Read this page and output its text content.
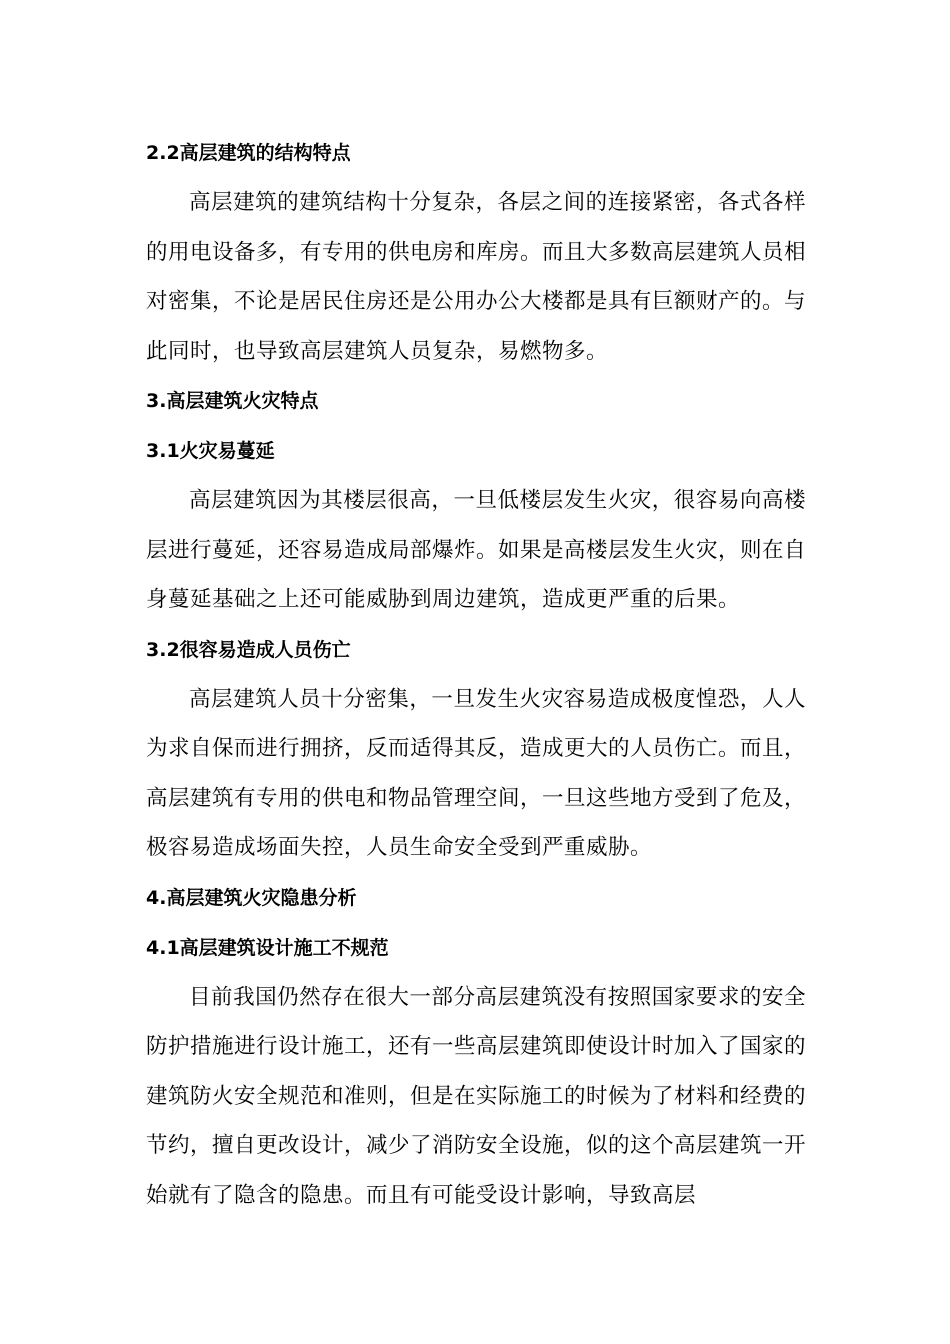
2.2高层建筑的结构特点

高层建筑的建筑结构十分复杂，各层之间的连接紧密，各式各样的用电设备多，有专用的供电房和库房。而且大多数高层建筑人员相对密集，不论是居民住房还是公用办公大楼都是具有巨额财产的。与此同时，也导致高层建筑人员复杂，易燃物多。

3.高层建筑火灾特点
3.1火灾易蔓延

高层建筑因为其楼层很高，一旦低楼层发生火灾，很容易向高楼层进行蔓延，还容易造成局部爆炸。如果是高楼层发生火灾，则在自身蔓延基础之上还可能威胁到周边建筑，造成更严重的后果。

3.2很容易造成人员伤亡

高层建筑人员十分密集，一旦发生火灾容易造成极度惶恐，人人为求自保而进行拥挤，反而适得其反，造成更大的人员伤亡。而且，高层建筑有专用的供电和物品管理空间，一旦这些地方受到了危及，极容易造成场面失控，人员生命安全受到严重威胁。

4.高层建筑火灾隐患分析
4.1高层建筑设计施工不规范

目前我国仍然存在很大一部分高层建筑没有按照国家要求的安全防护措施进行设计施工，还有一些高层建筑即使设计时加入了国家的建筑防火安全规范和准则，但是在实际施工的时候为了材料和经费的节约，擅自更改设计，减少了消防安全设施，似的这个高层建筑一开始就有了隐含的隐患。而且有可能受设计影响，导致高层
